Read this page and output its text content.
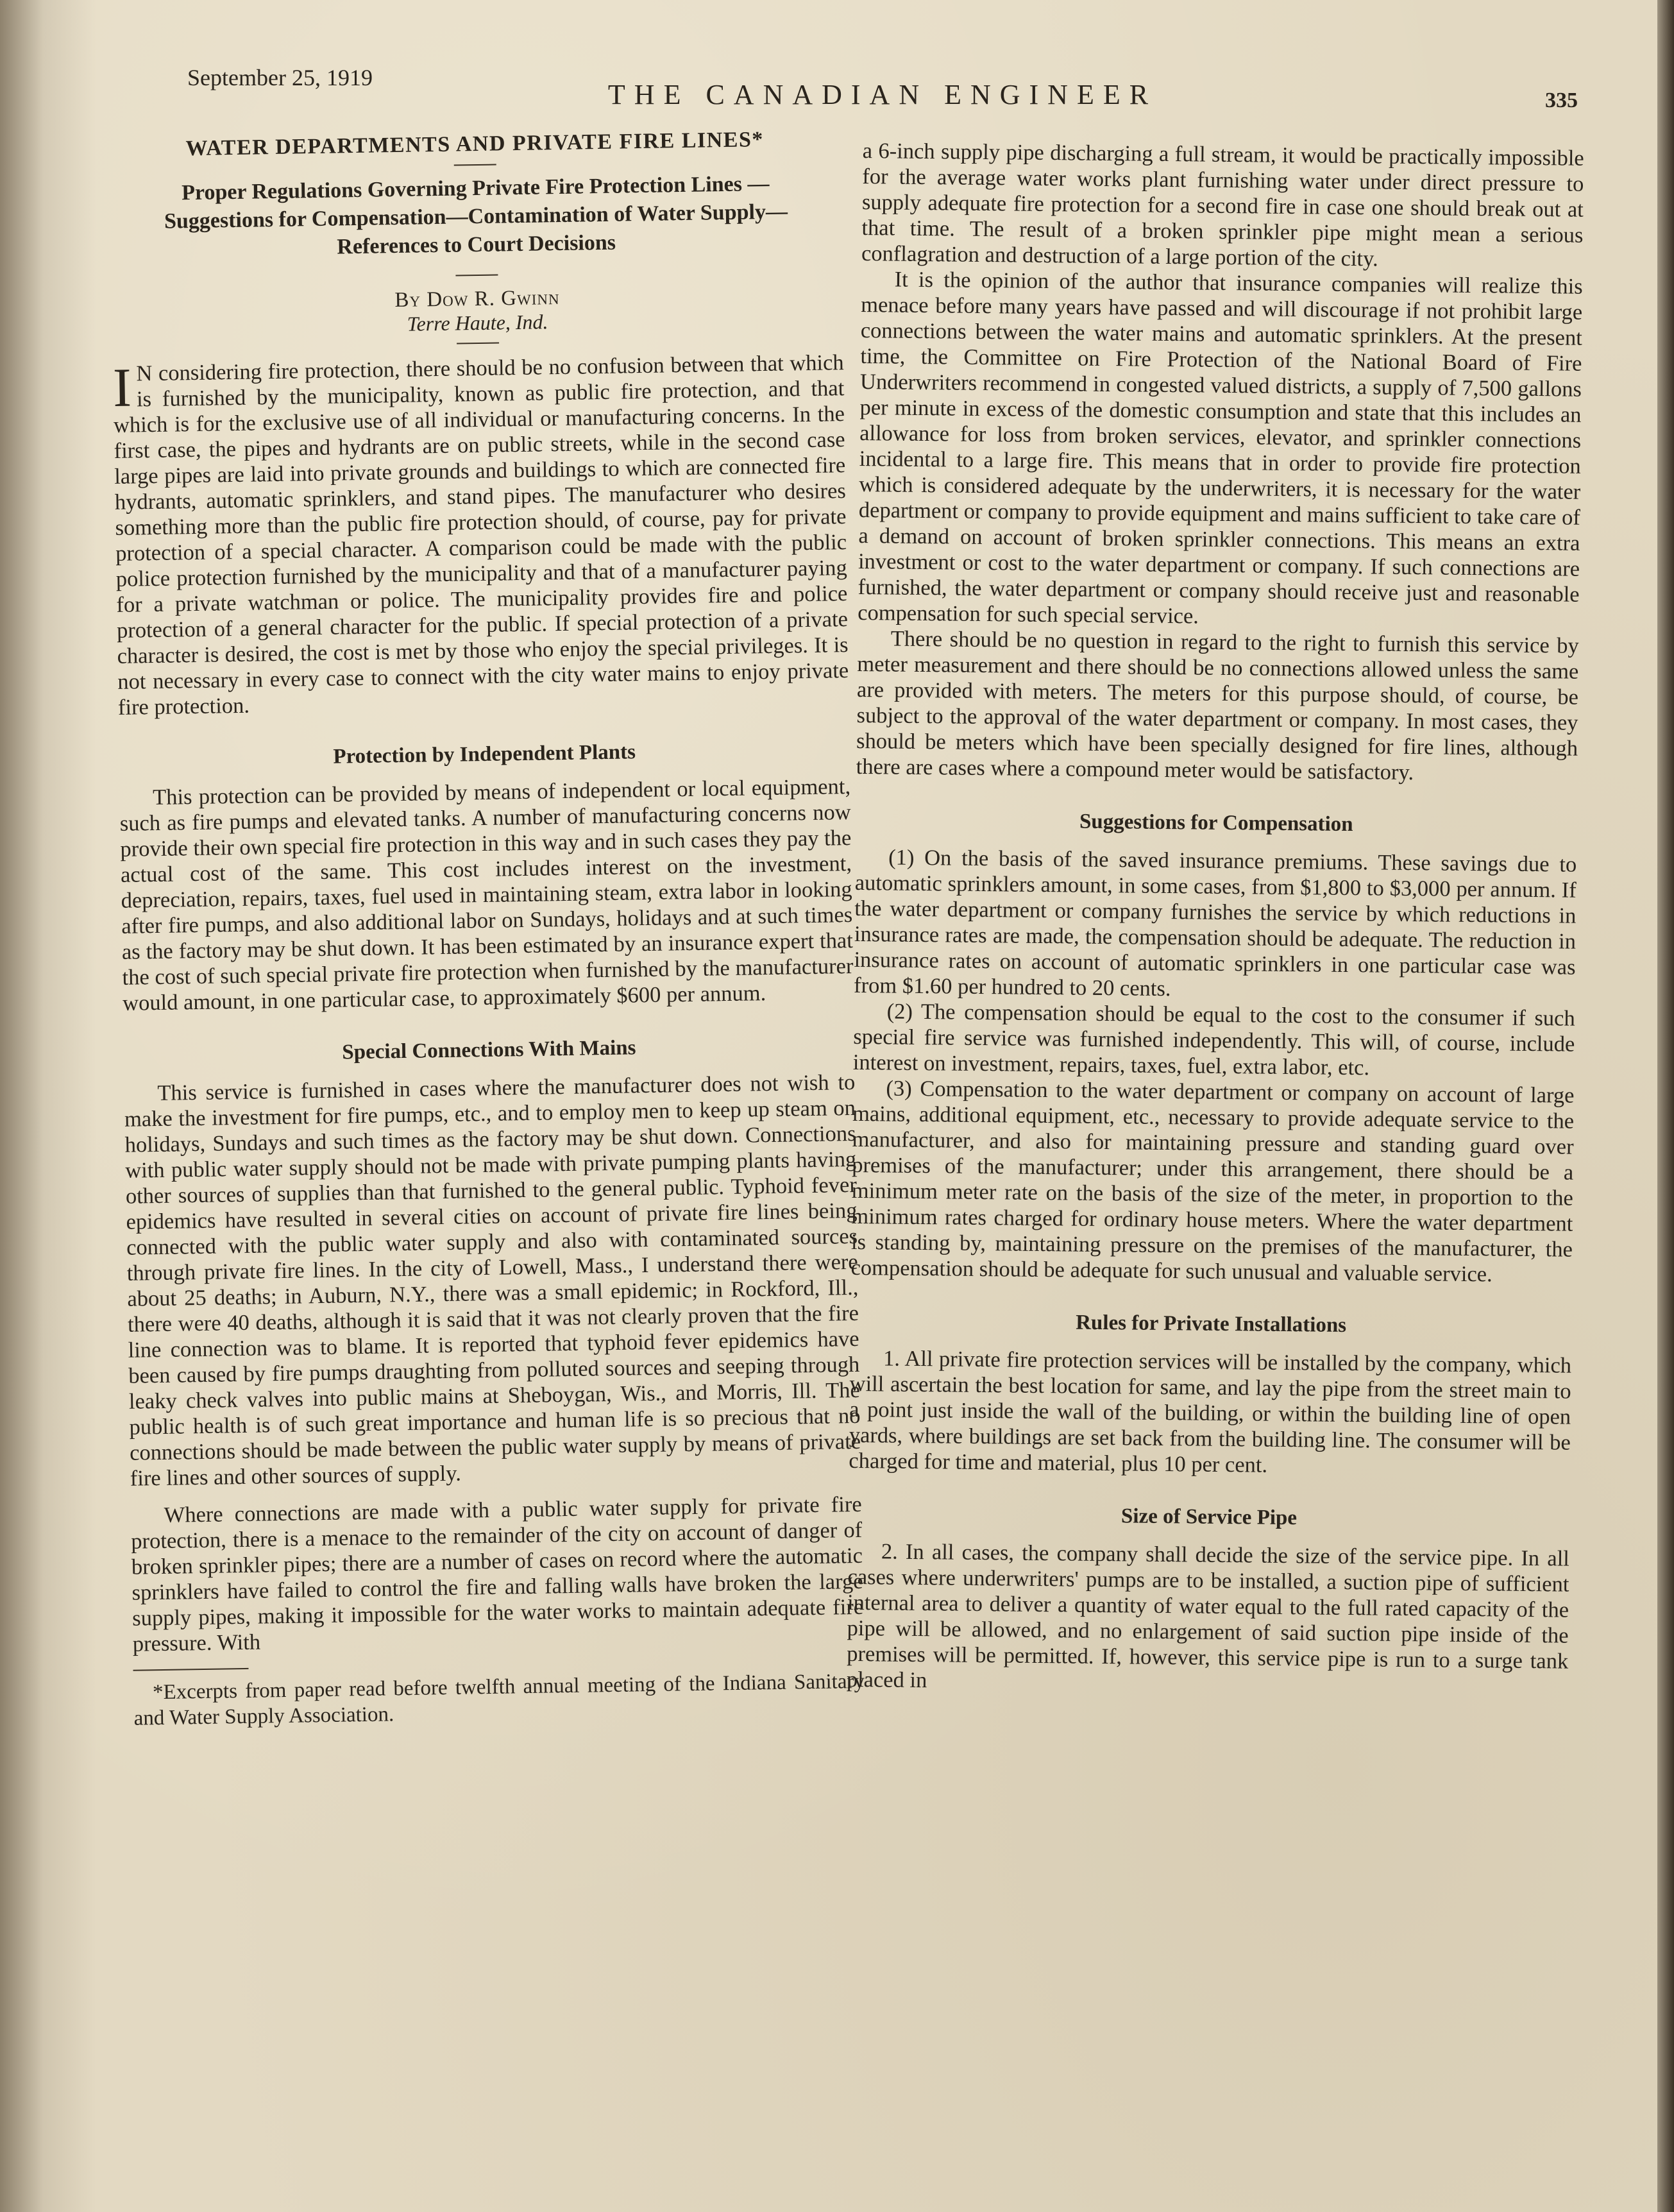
September 25, 1919
THE CANADIAN ENGINEER	335
WATER DEPARTMENTS AND PRIVATE FIRE LINES*
Proper Regulations Governing Private Fire Protection Lines —Suggestions for Compensation—Contamination of Water Supply—References to Court Decisions
By Dow R. Gwinn
Terre Haute, Ind.

I N considering fire protection, there should be no confusion between that which is furnished by the municipality, known as public fire protection, and that which is for the exclusive use of all individual or manufacturing concerns. In the first case, the pipes and hydrants are on public streets, while in the second case large pipes are laid into private grounds and buildings to which are connected fire hydrants, automatic sprinklers, and stand pipes. The manufacturer who desires something more than the public fire protection should, of course, pay for private protection of a special character. A comparison could be made with the public police protection furnished by the municipality and that of a manufacturer paying for a private watchman or police. The municipality provides fire and police protection of a general character for the public. If special protection of a private character is desired, the cost is met by those who enjoy the special privileges. It is not necessary in every case to connect with the city water mains to enjoy private fire protection.

Protection by Independent Plants

This protection can be provided by means of independent or local equipment, such as fire pumps and elevated tanks. A number of manufacturing concerns now provide their own special fire protection in this way and in such cases they pay the actual cost of the same. This cost includes interest on the investment, depreciation, repairs, taxes, fuel used in maintaining steam, extra labor in looking after fire pumps, and also additional labor on Sundays, holidays and at such times as the factory may be shut down. It has been estimated by an insurance expert that the cost of such special private fire protection when furnished by the manufacturer would amount, in one particular case, to approximately $600 per annum.

Special Connections With Mains

This service is furnished in cases where the manufacturer does not wish to make the investment for fire pumps, etc., and to employ men to keep up steam on holidays, Sundays and such times as the factory may be shut down. Connections with public water supply should not be made with private pumping plants having other sources of supplies than that furnished to the general public. Typhoid fever epidemics have resulted in several cities on account of private fire lines being connected with the public water supply and also with contaminated sources through private fire lines. In the city of Lowell, Mass., I understand there were about 25 deaths; in Auburn, N.Y., there was a small epidemic; in Rockford, Ill., there were 40 deaths, although it is said that it was not clearly proven that the fire line connection was to blame. It is reported that typhoid fever epidemics have been caused by fire pumps draughting from polluted sources and seeping through leaky check valves into public mains at Sheboygan, Wis., and Morris, Ill. The public health is of such great importance and human life is so precious that no connections should be made between the public water supply by means of private fire lines and other sources of supply.

Where connections are made with a public water supply for private fire protection, there is a menace to the remainder of the city on account of danger of broken sprinkler pipes; there are a number of cases on record where the automatic sprinklers have failed to control the fire and falling walls have broken the large supply pipes, making it impossible for the water works to maintain adequate fire pressure. With

*Excerpts from paper read before twelfth annual meeting of the Indiana Sanitary and Water Supply Association.

a 6-inch supply pipe discharging a full stream, it would be practically impossible for the average water works plant furnishing water under direct pressure to supply adequate fire protection for a second fire in case one should break out at that time. The result of a broken sprinkler pipe might mean a serious conflagration and destruction of a large portion of the city.

It is the opinion of the author that insurance companies will realize this menace before many years have passed and will discourage if not prohibit large connections between the water mains and automatic sprinklers. At the present time, the Committee on Fire Protection of the National Board of Fire Underwriters recommend in congested valued districts, a supply of 7,500 gallons per minute in excess of the domestic consumption and state that this includes an allowance for loss from broken services, elevator, and sprinkler connections incidental to a large fire. This means that in order to provide fire protection which is considered adequate by the underwriters, it is necessary for the water department or company to provide equipment and mains sufficient to take care of a demand on account of broken sprinkler connections. This means an extra investment or cost to the water department or company. If such connections are furnished, the water department or company should receive just and reasonable compensation for such special service.

There should be no question in regard to the right to furnish this service by meter measurement and there should be no connections allowed unless the same are provided with meters. The meters for this purpose should, of course, be subject to the approval of the water department or company. In most cases, they should be meters which have been specially designed for fire lines, although there are cases where a compound meter would be satisfactory.

Suggestions for Compensation

(1) On the basis of the saved insurance premiums. These savings due to automatic sprinklers amount, in some cases, from $1,800 to $3,000 per annum. If the water department or company furnishes the service by which reductions in insurance rates are made, the compensation should be adequate. The reduction in insurance rates on account of automatic sprinklers in one particular case was from $1.60 per hundred to 20 cents.

(2) The compensation should be equal to the cost to the consumer if such special fire service was furnished independently. This will, of course, include interest on investment, repairs, taxes, fuel, extra labor, etc.

(3) Compensation to the water department or company on account of large mains, additional equipment, etc., necessary to provide adequate service to the manufacturer, and also for maintaining pressure and standing guard over premises of the manufacturer; under this arrangement, there should be a minimum meter rate on the basis of the size of the meter, in proportion to the minimum rates charged for ordinary house meters. Where the water department is standing by, maintaining pressure on the premises of the manufacturer, the compensation should be adequate for such unusual and valuable service.

Rules for Private Installations

1. All private fire protection services will be installed by the company, which will ascertain the best location for same, and lay the pipe from the street main to a point just inside the wall of the building, or within the building line of open yards, where buildings are set back from the building line. The consumer will be charged for time and material, plus 10 per cent.

Size of Service Pipe

2. In all cases, the company shall decide the size of the service pipe. In all cases where underwriters' pumps are to be installed, a suction pipe of sufficient internal area to deliver a quantity of water equal to the full rated capacity of the pipe will be allowed, and no enlargement of said suction pipe inside of the premises will be permitted. If, however, this service pipe is run to a surge tank placed in
